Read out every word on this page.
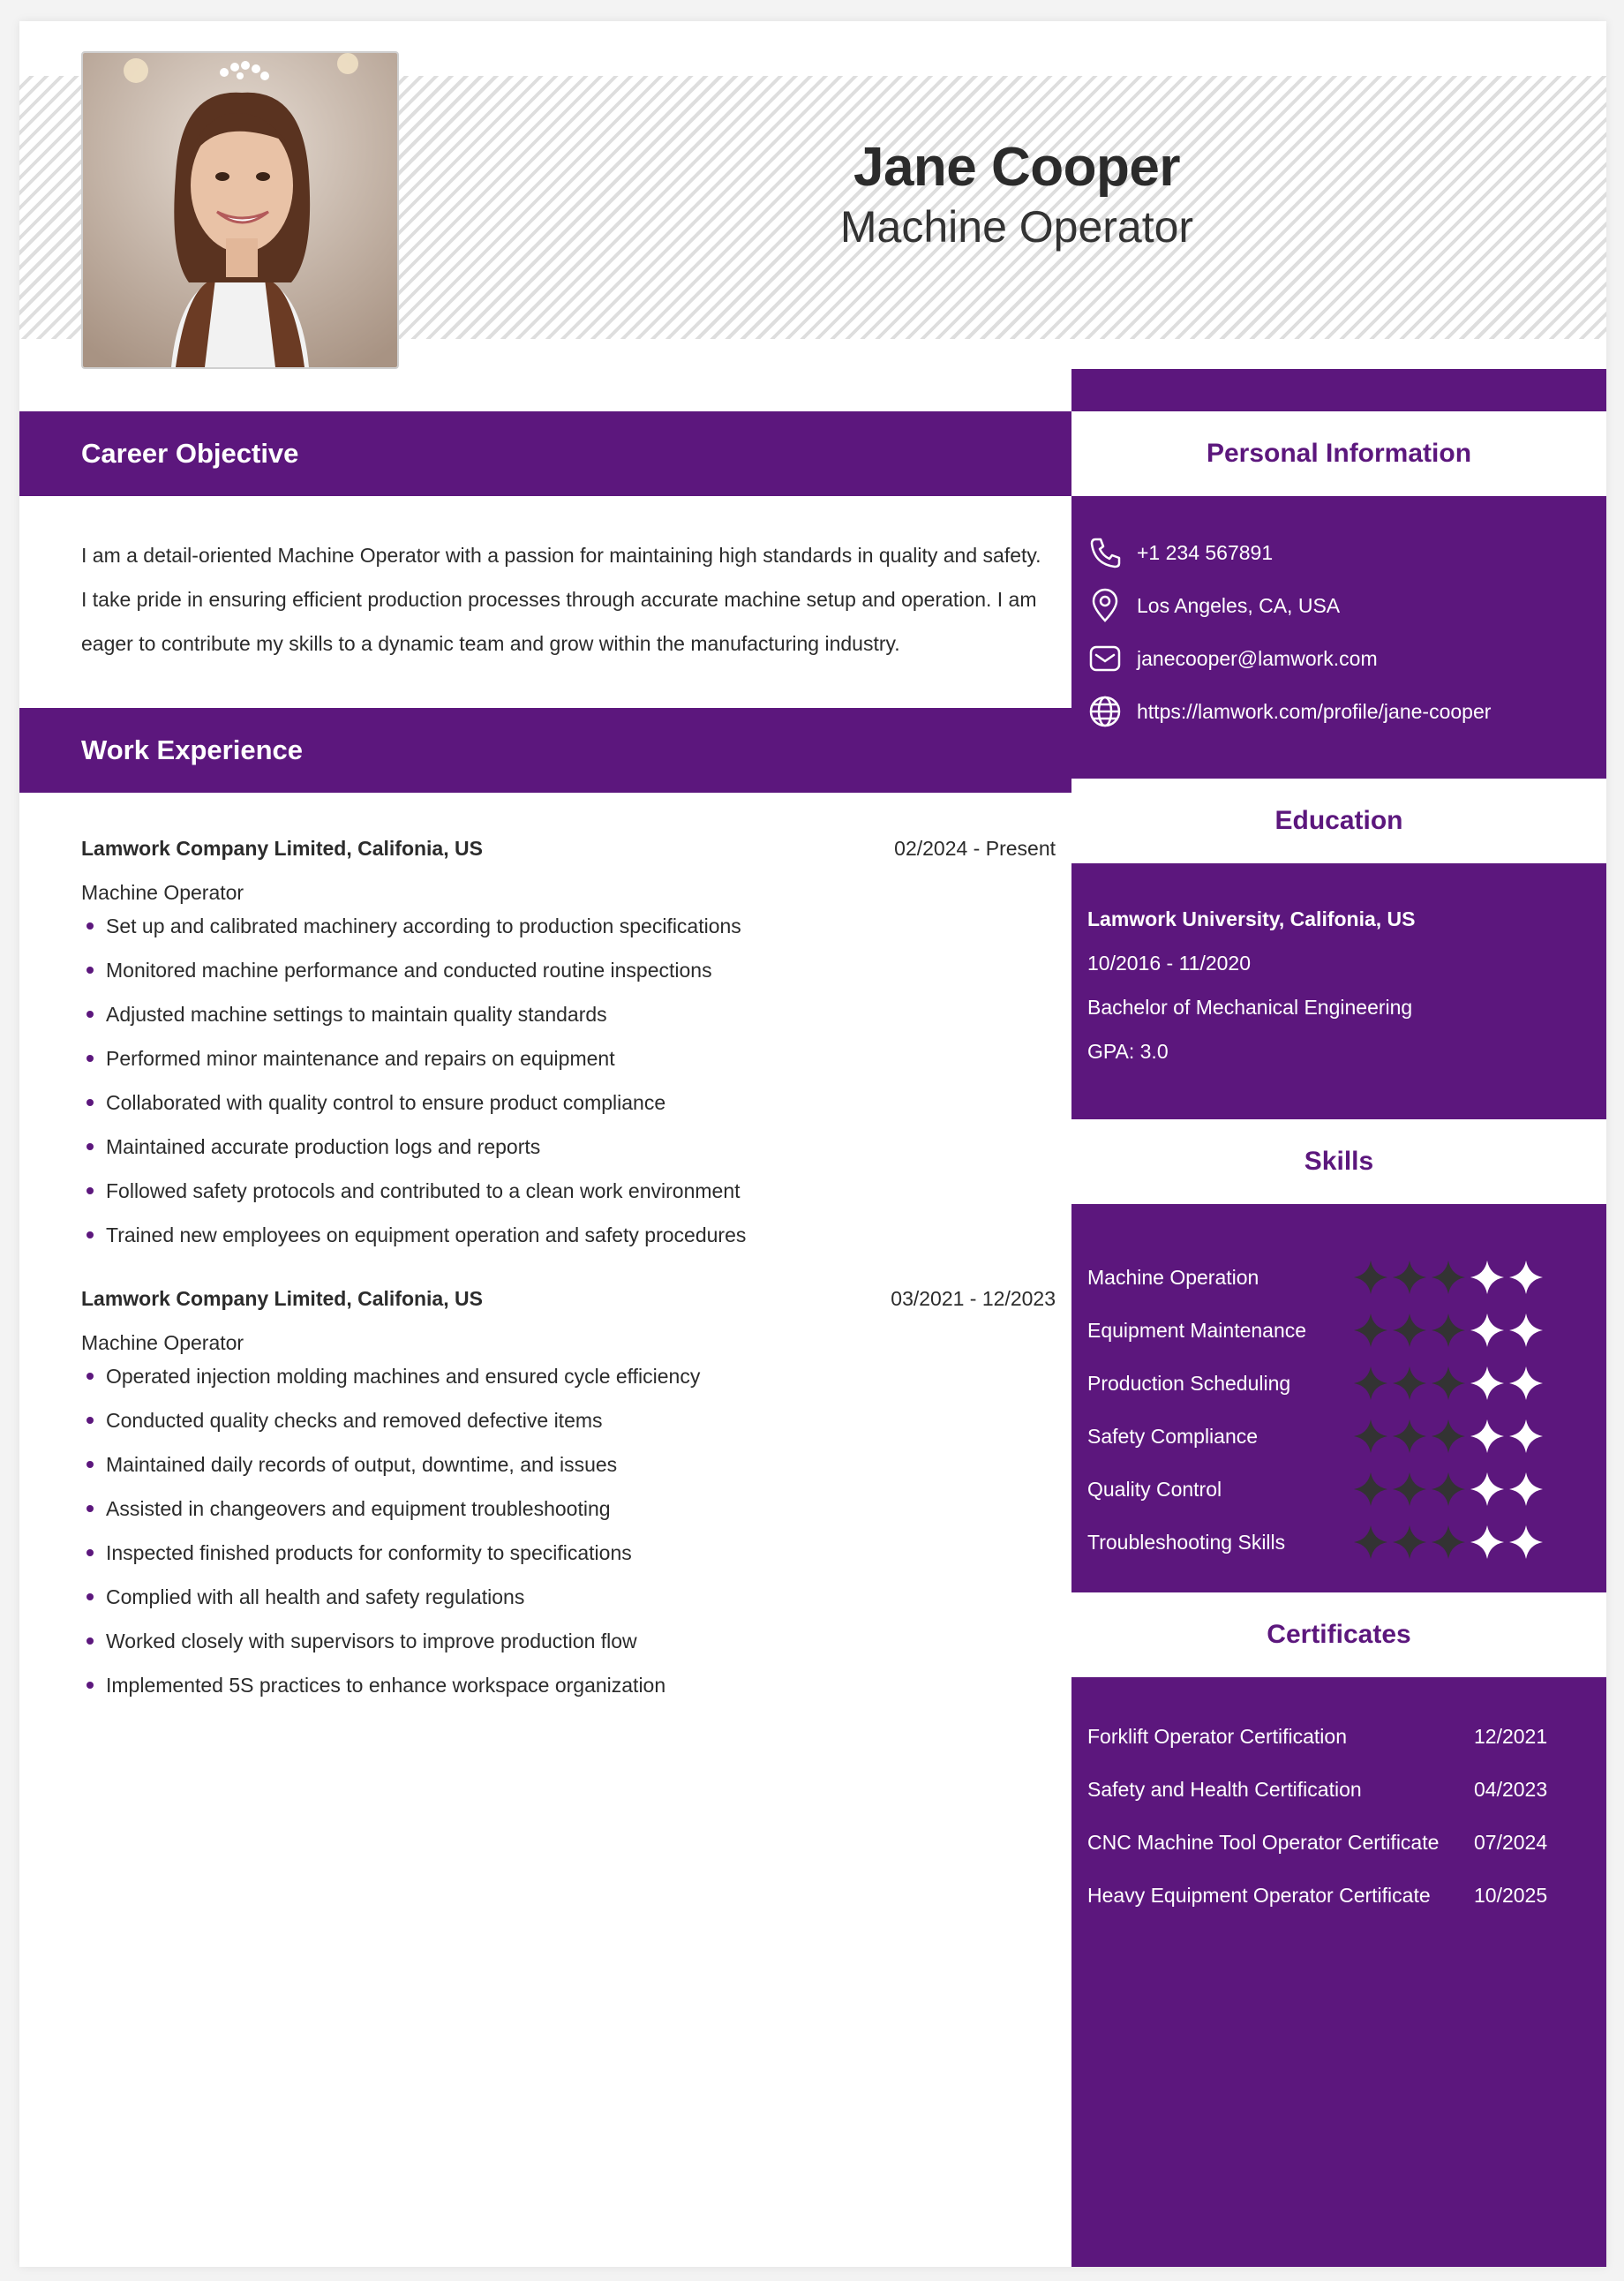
Jane Cooper
Machine Operator
Personal Information
+1 234 567891
Los Angeles, CA, USA
janecooper@lamwork.com
https://lamwork.com/profile/jane-cooper
Education
Lamwork University, Califonia, US
10/2016 - 11/2020
Bachelor of Mechanical Engineering
GPA: 3.0
Skills
Certificates
Forklift Operator Certification	12/2021
Safety and Health Certification	04/2023
CNC Machine Tool Operator Certificate	07/2024
Heavy Equipment Operator Certificate	10/2025
Career Objective
I am a detail-oriented Machine Operator with a passion for maintaining high standards in quality and safety. I take pride in ensuring efficient production processes through accurate machine setup and operation. I am eager to contribute my skills to a dynamic team and grow within the manufacturing industry.
Work Experience
Lamwork Company Limited, Califonia, US	02/2024 - Present
Machine Operator
Set up and calibrated machinery according to production specifications
Monitored machine performance and conducted routine inspections
Adjusted machine settings to maintain quality standards
Performed minor maintenance and repairs on equipment
Collaborated with quality control to ensure product compliance
Maintained accurate production logs and reports
Followed safety protocols and contributed to a clean work environment
Trained new employees on equipment operation and safety procedures
Lamwork Company Limited, Califonia, US	03/2021 - 12/2023
Machine Operator
Operated injection molding machines and ensured cycle efficiency
Conducted quality checks and removed defective items
Maintained daily records of output, downtime, and issues
Assisted in changeovers and equipment troubleshooting
Inspected finished products for conformity to specifications
Complied with all health and safety regulations
Worked closely with supervisors to improve production flow
Implemented 5S practices to enhance workspace organization
Machine Operation
Equipment Maintenance
Production Scheduling
Safety Compliance
Quality Control
Troubleshooting Skills
